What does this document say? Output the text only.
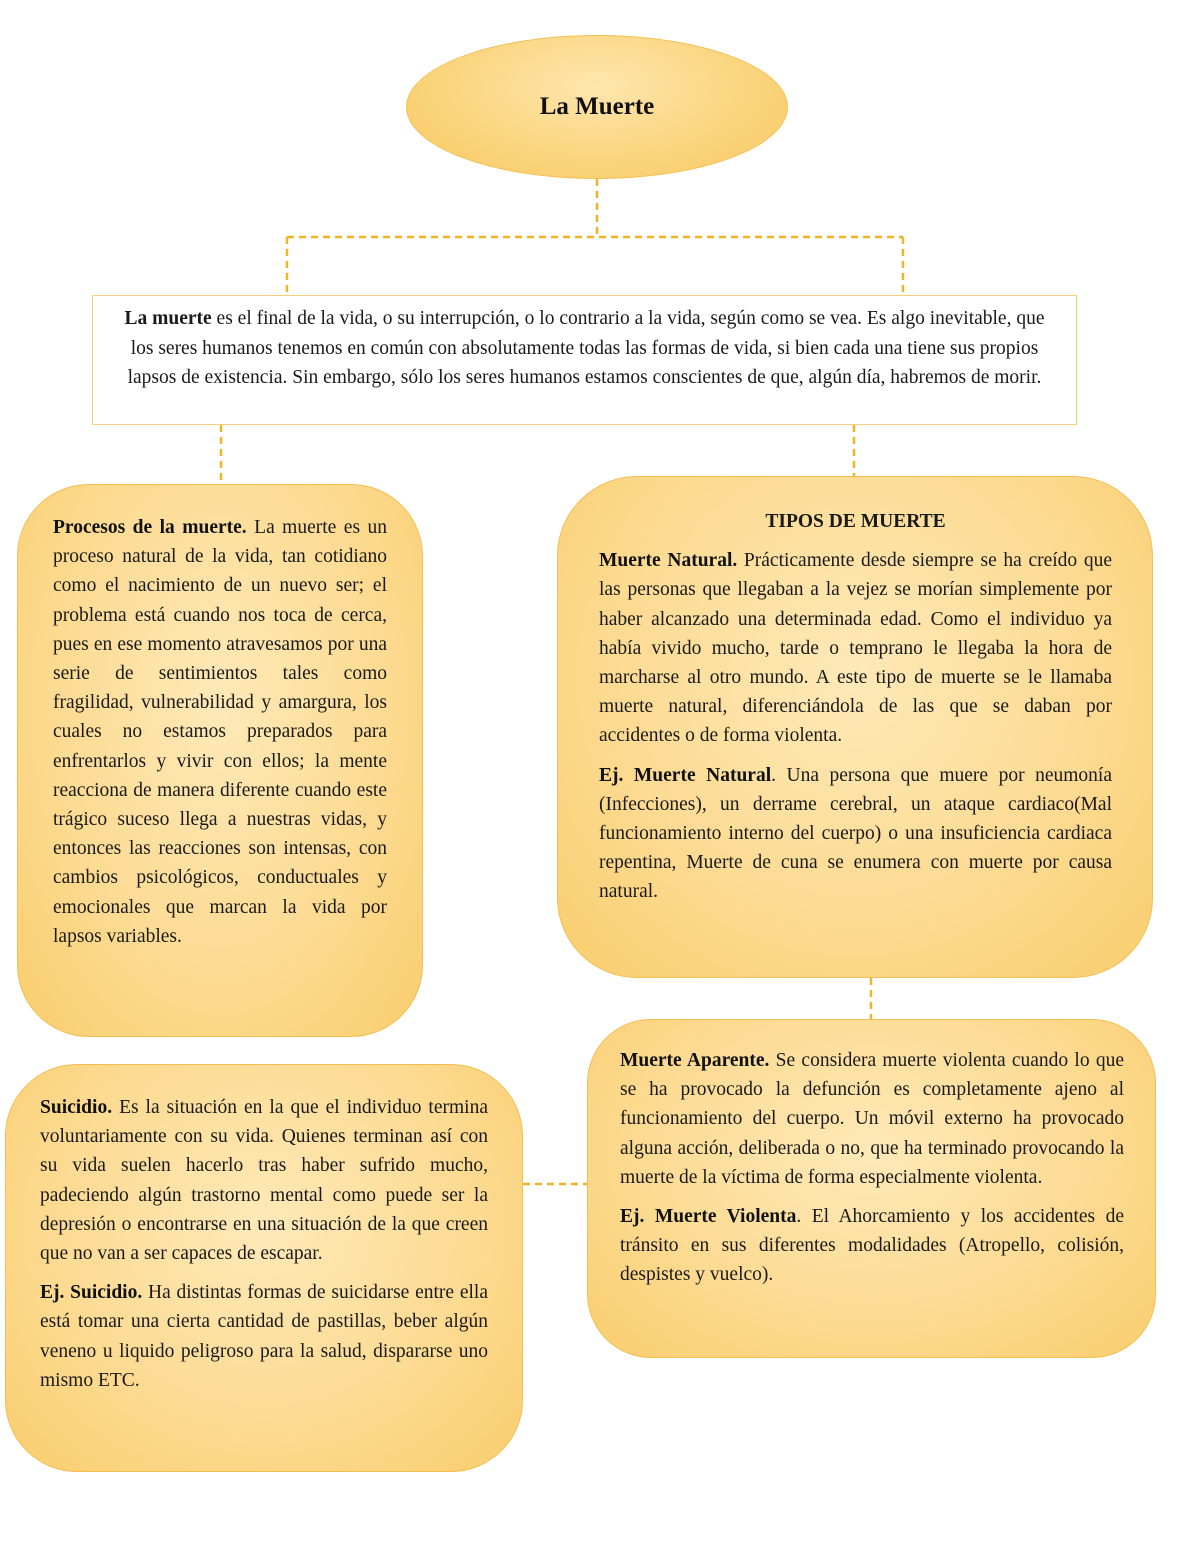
La Muerte
La muerte es el final de la vida, o su interrupción, o lo contrario a la vida, según como se vea. Es algo inevitable, que los seres humanos tenemos en común con absolutamente todas las formas de vida, si bien cada una tiene sus propios lapsos de existencia. Sin embargo, sólo los seres humanos estamos conscientes de que, algún día, habremos de morir.

Procesos de la muerte. La muerte es un proceso natural de la vida, tan cotidiano como el nacimiento de un nuevo ser; el problema está cuando nos toca de cerca, pues en ese momento atravesamos por una serie de sentimientos tales como fragilidad, vulnerabilidad y amargura, los cuales no estamos preparados para enfrentarlos y vivir con ellos; la mente reacciona de manera diferente cuando este trágico suceso llega a nuestras vidas, y entonces las reacciones son intensas, con cambios psicológicos, conductuales y emocionales que marcan la vida por lapsos variables.

TIPOS DE MUERTE

Muerte Natural. Prácticamente desde siempre se ha creído que las personas que llegaban a la vejez se morían simplemente por haber alcanzado una determinada edad. Como el individuo ya había vivido mucho, tarde o temprano le llegaba la hora de marcharse al otro mundo. A este tipo de muerte se le llamaba muerte natural, diferenciándola de las que se daban por accidentes o de forma violenta.

Ej. Muerte Natural. Una persona que muere por neumonía (Infecciones), un derrame cerebral, un ataque cardiaco(Mal funcionamiento interno del cuerpo) o una insuficiencia cardiaca repentina, Muerte de cuna se enumera con muerte por causa natural.

Suicidio. Es la situación en la que el individuo termina voluntariamente con su vida. Quienes terminan así con su vida suelen hacerlo tras haber sufrido mucho, padeciendo algún trastorno mental como puede ser la depresión o encontrarse en una situación de la que creen que no van a ser capaces de escapar.

Ej. Suicidio. Ha distintas formas de suicidarse entre ella está tomar una cierta cantidad de pastillas, beber algún veneno u liquido peligroso para la salud, dispararse uno mismo ETC.

Muerte Aparente. Se considera muerte violenta cuando lo que se ha provocado la defunción es completamente ajeno al funcionamiento del cuerpo. Un móvil externo ha provocado alguna acción, deliberada o no, que ha terminado provocando la muerte de la víctima de forma especialmente violenta.

Ej. Muerte Violenta. El Ahorcamiento y los accidentes de tránsito en sus diferentes modalidades (Atropello, colisión, despistes y vuelco).
